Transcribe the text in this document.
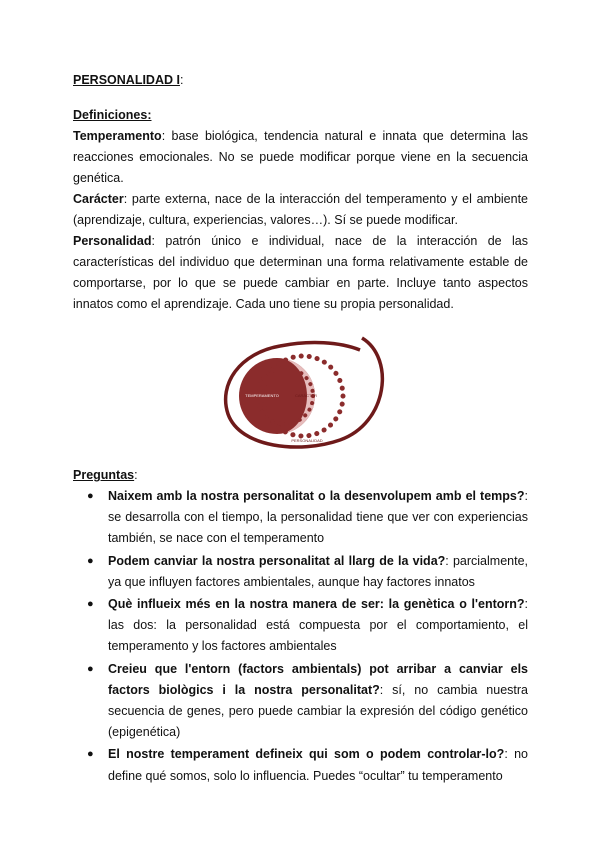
PERSONALIDAD I:
Definiciones:
Temperamento: base biológica, tendencia natural e innata que determina las reacciones emocionales. No se puede modificar porque viene en la secuencia genética.
Carácter: parte externa, nace de la interacción del temperamento y el ambiente (aprendizaje, cultura, experiencias, valores…). Sí se puede modificar.
Personalidad: patrón único e individual, nace de la interacción de las características del individuo que determinan una forma relativamente estable de comportarse, por lo que se puede cambiar en parte. Incluye tanto aspectos innatos como el aprendizaje. Cada uno tiene su propia personalidad.
TEMPERAMENTO	CARÁCTER
PERSONALIDAD
Preguntas:
● Naixem amb la nostra personalitat o la desenvolupem amb el temps?: se desarrolla con el tiempo, la personalidad tiene que ver con experiencias también, se nace con el temperamento
● Podem canviar la nostra personalitat al llarg de la vida?: parcialmente, ya que influyen factores ambientales, aunque hay factores innatos
● Què influeix més en la nostra manera de ser: la genètica o l'entorn?: las dos: la personalidad está compuesta por el comportamiento, el temperamento y los factores ambientales
● Creieu que l'entorn (factors ambientals) pot arribar a canviar els factors biològics i la nostra personalitat?: sí, no cambia nuestra secuencia de genes, pero puede cambiar la expresión del código genético (epigenética)
● El nostre temperament defineix qui som o podem controlar-lo?: no define qué somos, solo lo influencia. Puedes “ocultar” tu temperamento
